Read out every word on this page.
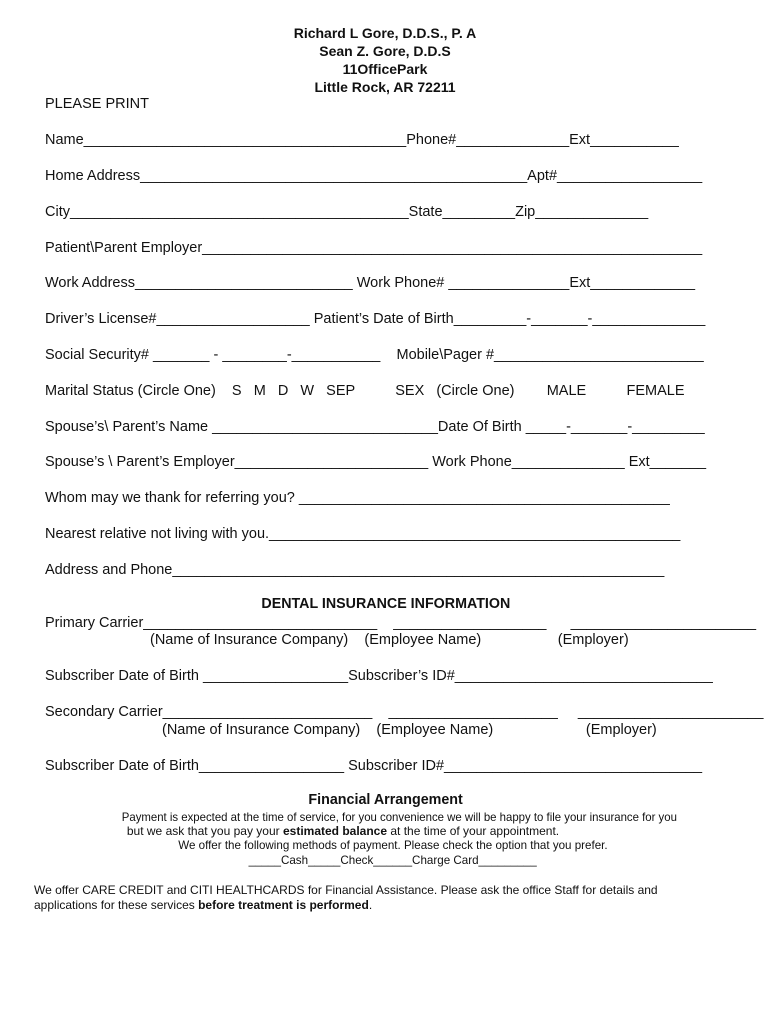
Richard L Gore, D.D.S., P. A
Sean Z. Gore, D.D.S
11OfficePark
Little Rock, AR 72211
PLEASE PRINT
Name________________________________________Phone#______________Ext___________
Home Address________________________________________________Apt#__________________
City__________________________________________State_________Zip______________
Patient\Parent Employer______________________________________________________________
Work Address___________________________ Work Phone# _______________Ext_____________
Driver’s License#___________________ Patient’s Date of Birth_________-_______-______________
Social Security# _______ - ________-___________    Mobile\Pager #__________________________
Marital Status (Circle One)    S   M   D   W   SEP          SEX   (Circle One)        MALE          FEMALE
Spouse’s\ Parent’s Name ____________________________Date Of Birth _____-_______-_________
Spouse’s \ Parent’s Employer________________________ Work Phone______________ Ext_______
Whom may we thank for referring you? ______________________________________________
Nearest relative not living with you.___________________________________________________
Address and Phone_____________________________________________________________
DENTAL INSURANCE INFORMATION
Primary Carrier_____________________________    ___________________      _______________________
(Name of Insurance Company)    (Employee Name)                   (Employer)
Subscriber Date of Birth __________________Subscriber’s ID#________________________________
Secondary Carrier__________________________    _____________________     _______________________
(Name of Insurance Company)    (Employee Name)                       (Employer)
Subscriber Date of Birth__________________ Subscriber ID#________________________________
Financial Arrangement
Payment is expected at the time of service, for you convenience we will be happy to file your insurance for you
but we ask that you pay your estimated balance at the time of your appointment.
We offer the following methods of payment. Please check the option that you prefer.
_____Cash_____Check______Charge Card_________
We offer CARE CREDIT and CITI HEALTHCARDS for Financial Assistance. Please ask the office Staff for details and
applications for these services before treatment is performed.
